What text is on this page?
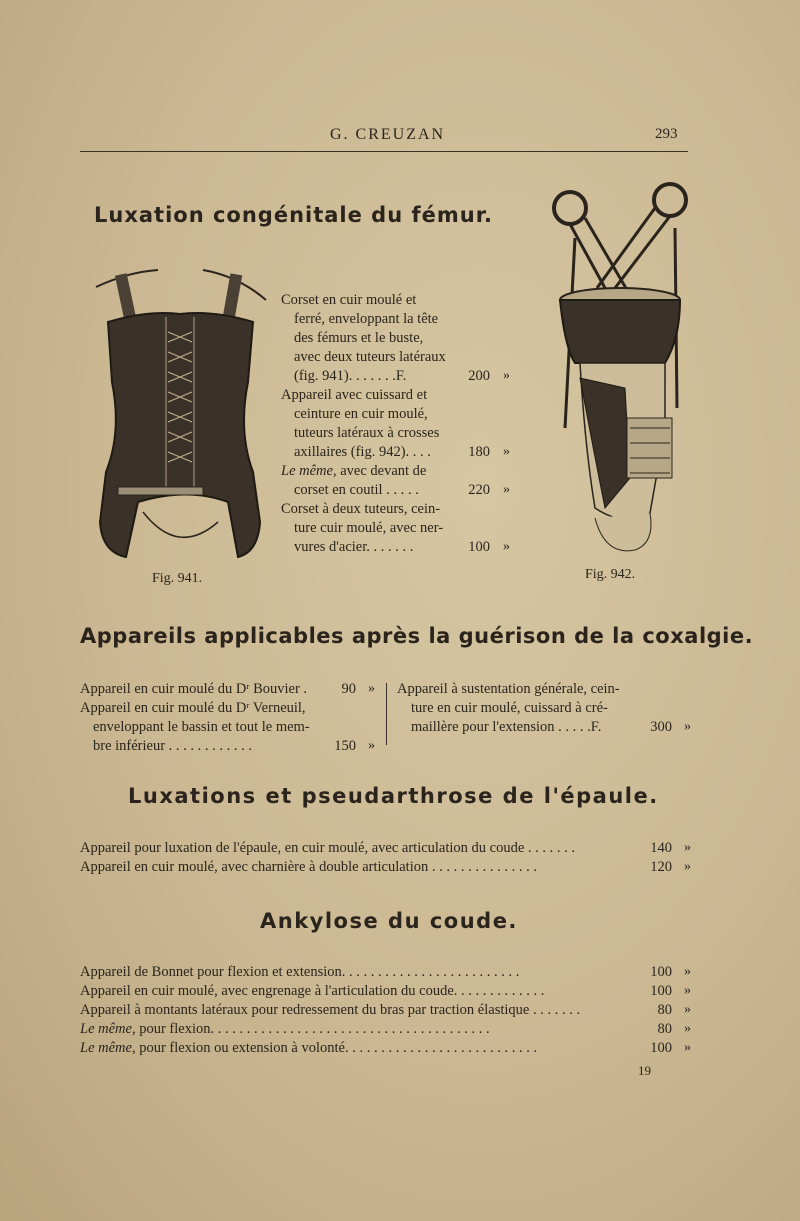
G. CREUZAN	293
Luxation congénitale du fémur.
Fig. 941.	Fig. 942.
Corset en cuir moulé et
ferré, enveloppant la tête
des fémurs et le buste,
avec deux tuteurs latéraux
(fig. 941). . . . . . .F.	200 »
Appareil avec cuissard et
ceinture en cuir moulé,
tuteurs latéraux à crosses
axillaires (fig. 942). . . .	180 »
Le même, avec devant de
corset en coutil . . . . .	220 »
Corset à deux tuteurs, cein-
ture cuir moulé, avec ner-
vures d'acier. . . . . . .	100 »
Appareils applicables après la guérison de la coxalgie.
Appareil en cuir moulé du Dʳ Bouvier .	90 »
Appareil en cuir moulé du Dʳ Verneuil,
enveloppant le bassin et tout le mem-
bre inférieur . . . . . . . . . . . .	150 »
Appareil à sustentation générale, cein-
ture en cuir moulé, cuissard à cré-
maillère pour l'extension . . . . .F.	300 »
Luxations et pseudarthrose de l'épaule.
Appareil pour luxation de l'épaule, en cuir moulé, avec articulation du coude . . . . . . .	140 »
Appareil en cuir moulé, avec charnière à double articulation . . . . . . . . . . . . . . .	120 »
Ankylose du coude.
Appareil de Bonnet pour flexion et extension. . . . . . . . . . . . . . . . . . . . . . . . .	100 »
Appareil en cuir moulé, avec engrenage à l'articulation du coude. . . . . . . . . . . . .	100 »
Appareil à montants latéraux pour redressement du bras par traction élastique . . . . . . .	80 »
Le même, pour flexion. . . . . . . . . . . . . . . . . . . . . . . . . . . . . . . . . . . . . . .	80 »
Le même, pour flexion ou extension à volonté. . . . . . . . . . . . . . . . . . . . . . . . . . .	100 »
19
